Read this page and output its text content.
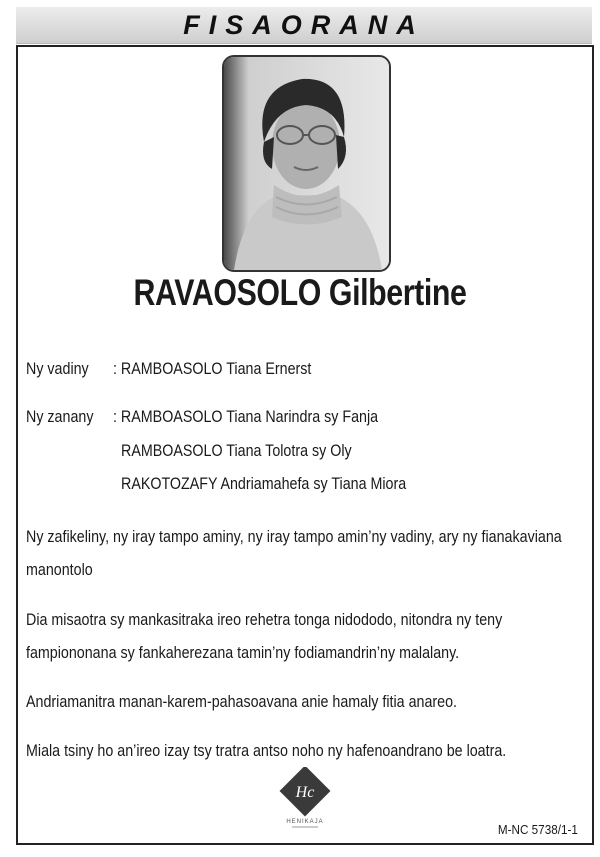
FISAORANA
RAVAOSOLO Gilbertine
Ny vadiny : RAMBOASOLO Tiana Ernerst
Ny zanany : RAMBOASOLO Tiana Narindra sy Fanja
RAMBOASOLO Tiana Tolotra sy Oly
RAKOTOZAFY Andriamahefa sy Tiana Miora
Ny zafikeliny, ny iray tampo aminy, ny iray tampo amin’ny vadiny, ary ny fianakaviana
manontolo
Dia misaotra sy mankasitraka ireo rehetra tonga nidododo, nitondra ny teny
fampiononana sy fankaherezana tamin’ny fodiamandrin’ny malalany.
Andriamanitra manan-karem-pahasoavana anie hamaly fitia anareo.
Miala tsiny ho an’ireo izay tsy tratra antso noho ny hafenoandrano be loatra.
Hc
HENIKAJA	M-NC 5738/1-1
